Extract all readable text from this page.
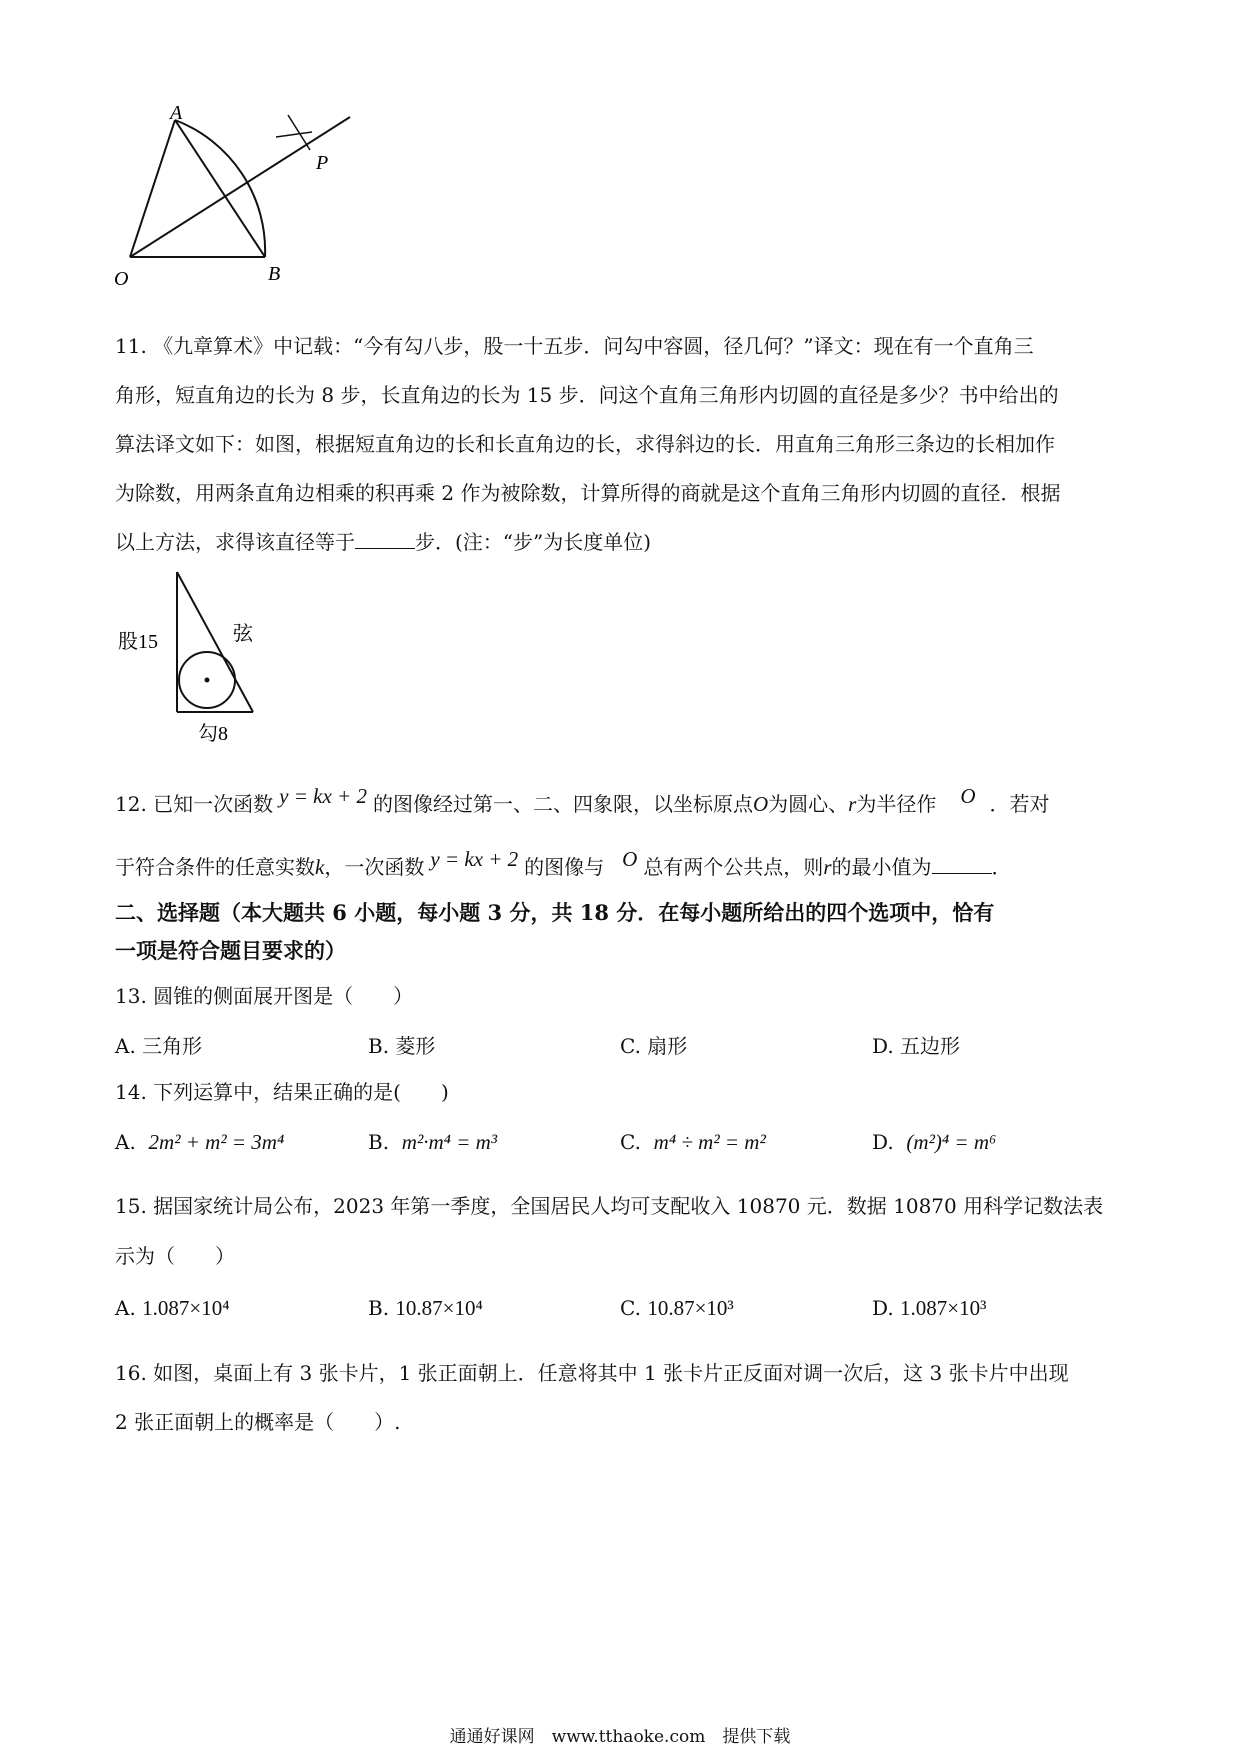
A
P
O	B
11. 《九章算术》中记载：“今有勾八步，股一十五步．问勾中容圆，径几何？”译文：现在有一个直角三
角形，短直角边的长为 8 步，长直角边的长为 15 步．问这个直角三角形内切圆的直径是多少？书中给出的
算法译文如下：如图，根据短直角边的长和长直角边的长，求得斜边的长．用直角三角形三条边的长相加作
为除数，用两条直角边相乘的积再乘 2 作为被除数，计算所得的商就是这个直角三角形内切圆的直径．根据
以上方法，求得该直径等于	步．(注：“步”为长度单位)
股15	弦
勾8
12. 已知一次函数 y = kx + 2 的图像经过第一、二、四象限，以坐标原点O为圆心、r为半径作 O ．若对
于符合条件的任意实数k，一次函数 y = kx + 2 的图像与 O 总有两个公共点，则r的最小值为	．
二、选择题（本大题共 6 小题，每小题 3 分，共 18 分．在每小题所给出的四个选项中，恰有
一项是符合题目要求的）
13. 圆锥的侧面展开图是（　　）
A. 三角形	B. 菱形	C. 扇形	D. 五边形
14. 下列运算中，结果正确的是(　　)
A. 2m² + m² = 3m⁴	B. m²·m⁴ = m³	C. m⁴ ÷ m² = m²	D. (m²)⁴ = m⁶
15. 据国家统计局公布，2023 年第一季度，全国居民人均可支配收入 10870 元．数据 10870 用科学记数法表
示为（　　）
A. 1.087×10⁴	B. 10.87×10⁴	C. 10.87×10³	D. 1.087×10³
16. 如图，桌面上有 3 张卡片，1 张正面朝上．任意将其中 1 张卡片正反面对调一次后，这 3 张卡片中出现
2 张正面朝上的概率是（　　）.
通通好课网　www.tthaoke.com　提供下载
